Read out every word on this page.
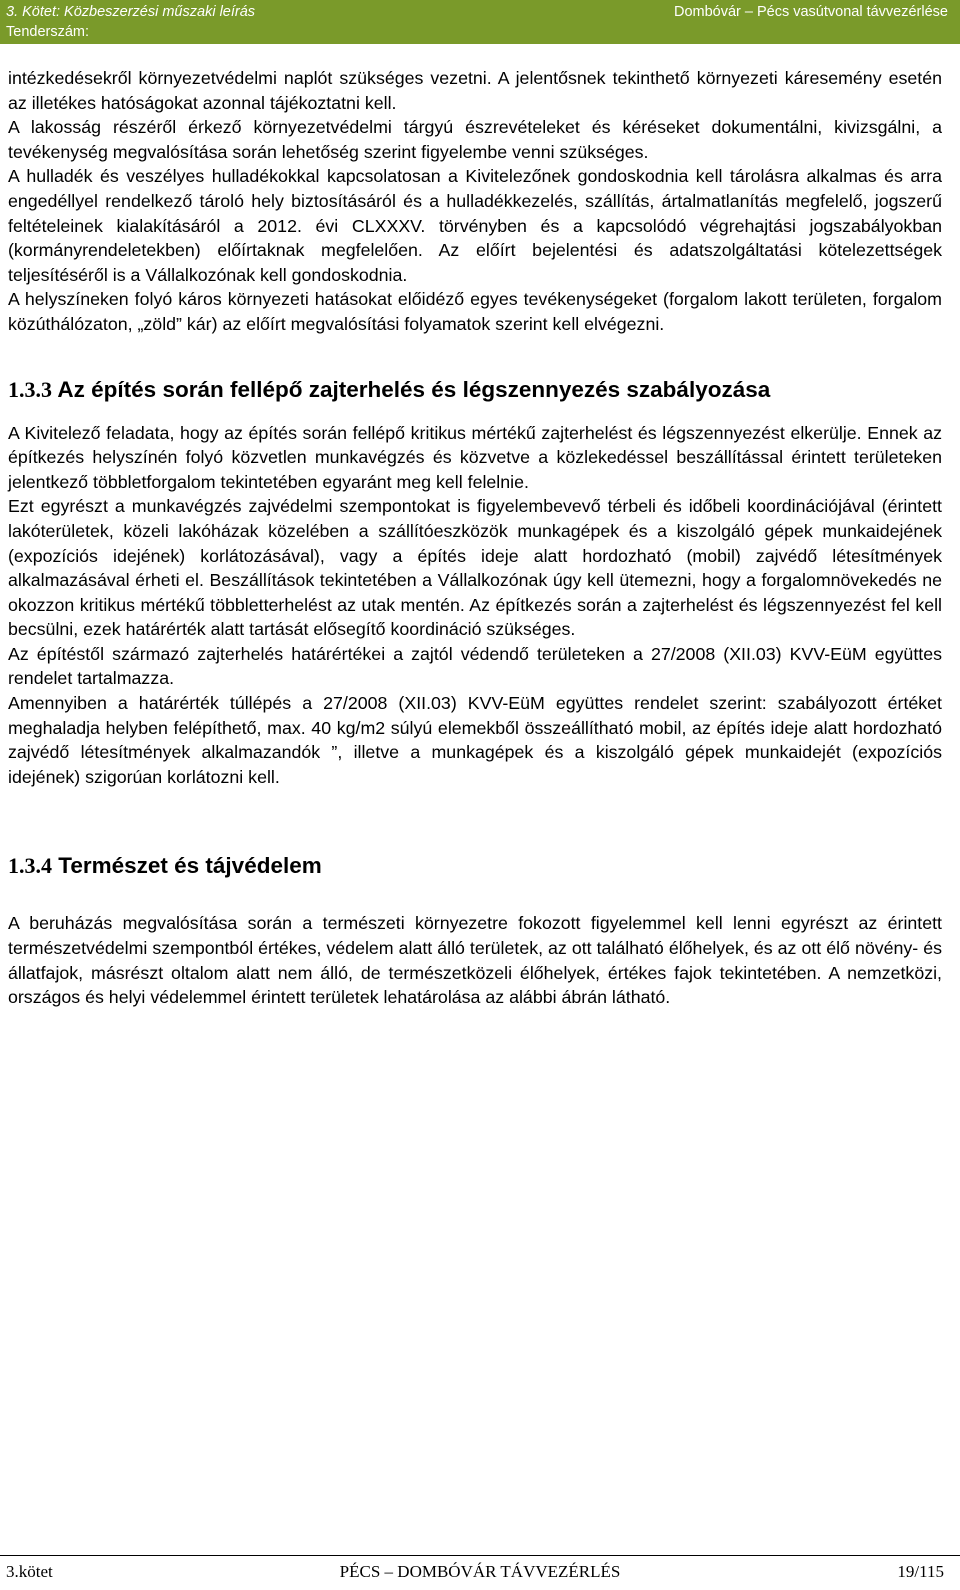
3. Kötet: Közbeszerzési műszaki leírás
Tenderszám:
Dombóvár – Pécs vasútvonal távvezérlése

intézkedésekről környezetvédelmi naplót szükséges vezetni. A jelentősnek tekinthető környezeti káresemény esetén az illetékes hatóságokat azonnal tájékoztatni kell.

A lakosság részéről érkező környezetvédelmi tárgyú észrevételeket és kéréseket dokumentálni, kivizsgálni, a tevékenység megvalósítása során lehetőség szerint figyelembe venni szükséges.

A hulladék és veszélyes hulladékokkal kapcsolatosan a Kivitelezőnek gondoskodnia kell tárolásra alkalmas és arra engedéllyel rendelkező tároló hely biztosításáról és a hulladékkezelés, szállítás, ártalmatlanítás megfelelő, jogszerű feltételeinek kialakításáról a 2012. évi CLXXXV. törvényben és a kapcsolódó végrehajtási jogszabályokban (kormányrendeletekben) előírtaknak megfelelően. Az előírt bejelentési és adatszolgáltatási kötelezettségek teljesítéséről is a Vállalkozónak kell gondoskodnia.

A helyszíneken folyó káros környezeti hatásokat előidéző egyes tevékenységeket (forgalom lakott területen, forgalom közúthálózaton, „zöld” kár) az előírt megvalósítási folyamatok szerint kell elvégezni.

1.3.3 Az építés során fellépő zajterhelés és légszennyezés szabályozása

A Kivitelező feladata, hogy az építés során fellépő kritikus mértékű zajterhelést és légszennyezést elkerülje. Ennek az építkezés helyszínén folyó közvetlen munkavégzés és közvetve a közlekedéssel beszállítással érintett területeken jelentkező többletforgalom tekintetében egyaránt meg kell felelnie.

Ezt egyrészt a munkavégzés zajvédelmi szempontokat is figyelembevevő térbeli és időbeli koordinációjával (érintett lakóterületek, közeli lakóházak közelében a szállítóeszközök munkagépek és a kiszolgáló gépek munkaidejének (expozíciós idejének) korlátozásával), vagy a építés ideje alatt hordozható (mobil) zajvédő létesítmények alkalmazásával érheti el. Beszállítások tekintetében a Vállalkozónak úgy kell ütemezni, hogy a forgalomnövekedés ne okozzon kritikus mértékű többletterhelést az utak mentén. Az építkezés során a zajterhelést és légszennyezést fel kell becsülni, ezek határérték alatt tartását elősegítő koordináció szükséges.

Az építéstől származó zajterhelés határértékei a zajtól védendő területeken a 27/2008 (XII.03) KVV-EüM együttes rendelet tartalmazza.

Amennyiben a határérték túllépés a 27/2008 (XII.03) KVV-EüM együttes rendelet szerint: szabályozott értéket meghaladja helyben felépíthető, max. 40 kg/m2 súlyú elemekből összeállítható mobil, az építés ideje alatt hordozható zajvédő létesítmények alkalmazandók ”, illetve a munkagépek és a kiszolgáló gépek munkaidejét (expozíciós idejének) szigorúan korlátozni kell.

1.3.4 Természet és tájvédelem

A beruházás megvalósítása során a természeti környezetre fokozott figyelemmel kell lenni egyrészt az érintett természetvédelmi szempontból értékes, védelem alatt álló területek, az ott található élőhelyek, és az ott élő növény- és állatfajok, másrészt oltalom alatt nem álló, de természetközeli élőhelyek, értékes fajok tekintetében. A nemzetközi, országos és helyi védelemmel érintett területek lehatárolása az alábbi ábrán látható.

PÉCS – DOMBÓVÁR TÁVVEZÉRLÉS
3.kötet	19/115
